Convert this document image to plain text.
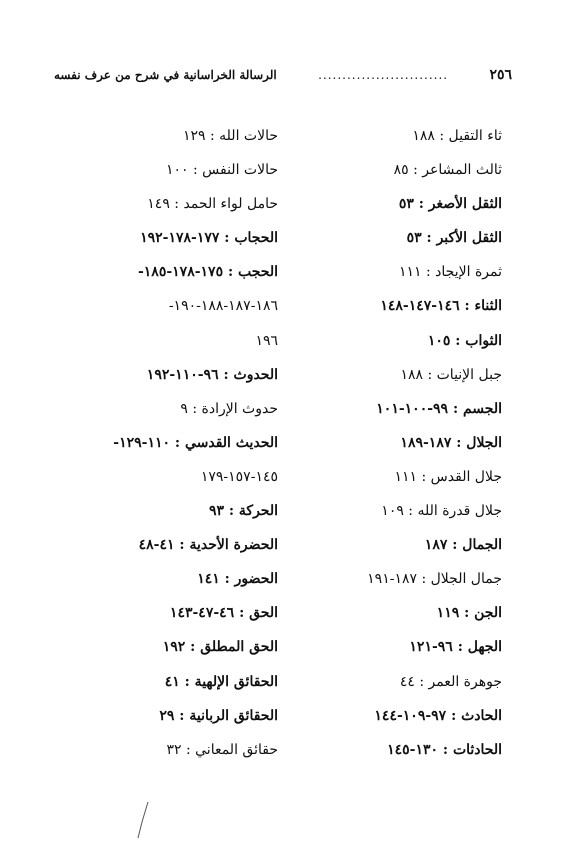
٢٥٦
...........................
الرسالة الخراسانية في شرح من عرف نفسه
ثاء التقيل : ١٨٨
ثالث المشاعر : ٨٥
الثقل الأصغر : ٥٣
الثقل الأكبر : ٥٣
ثمرة الإيجاد : ١١١
الثناء : ١٤٦-١٤٧-١٤٨
الثواب : ١٠٥
جبل الإنيات : ١٨٨
الجسم : ٩٩-١٠٠-١٠١
الجلال : ١٨٧-١٨٩
جلال القدس : ١١١
جلال قدرة الله : ١٠٩
الجمال : ١٨٧
جمال الجلال : ١٨٧-١٩١
الجن : ١١٩
الجهل : ٩٦-١٢١
جوهرة العمر : ٤٤
الحادث : ٩٧-١٠٩-١٤٤
الحادثات : ١٣٠-١٤٥
حالات الله : ١٢٩
حالات النفس : ١٠٠
حامل لواء الحمد : ١٤٩
الحجاب : ١٧٧-١٧٨-١٩٢
الحجب : ١٧٥-١٧٨-١٨٥-
١٨٦-١٨٧-١٨٨-١٩٠-
١٩٦
الحدوث : ٩٦-١١٠-١٩٢
حدوث الإرادة : ٩
الحديث القدسي : ١١٠-١٢٩-
١٤٥-١٥٧-١٧٩
الحركة : ٩٣
الحضرة الأحدية : ٤١-٤٨
الحضور : ١٤١
الحق : ٤٦-٤٧-١٤٣
الحق المطلق : ١٩٢
الحقائق الإلهية : ٤١
الحقائق الربانية : ٢٩
حقائق المعاني : ٣٢
